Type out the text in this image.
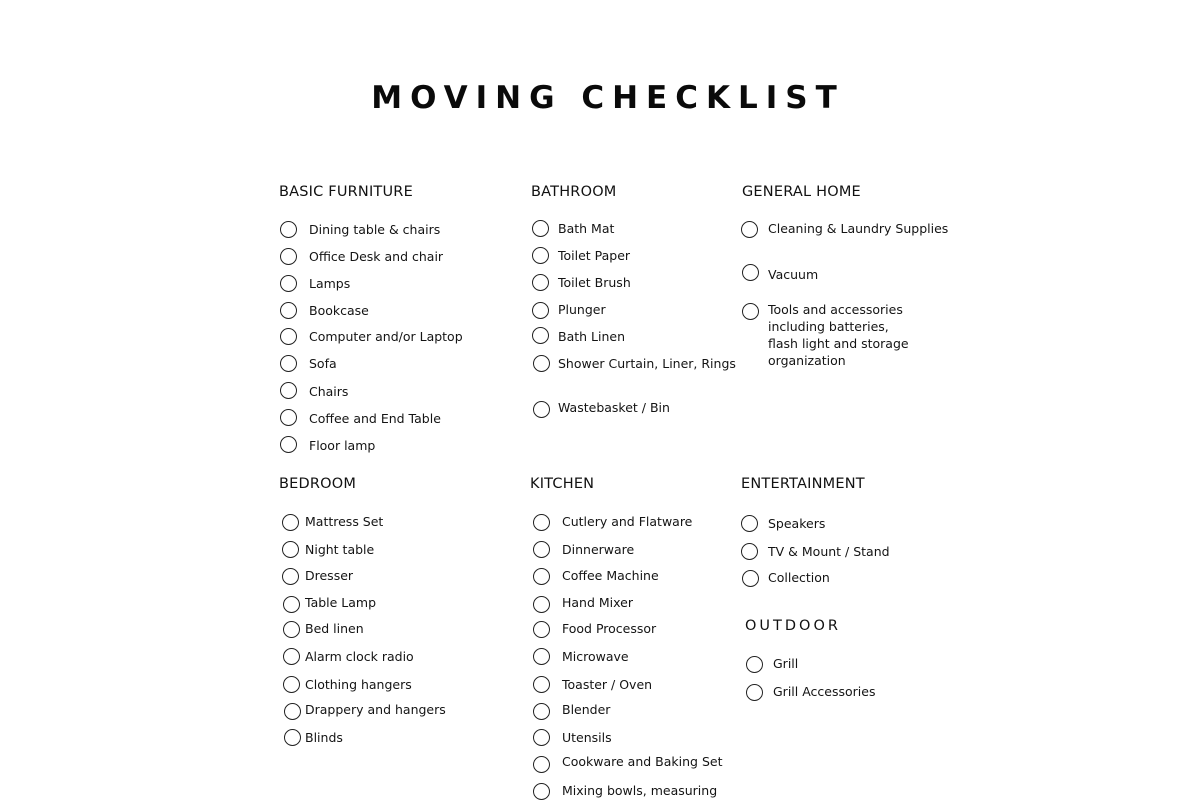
MOVING CHECKLIST
BASIC FURNITURE
Dining table & chairs
Office Desk and chair
Lamps
Bookcase
Computer and/or Laptop
Sofa
Chairs
Coffee and End Table
Floor lamp
BATHROOM
Bath Mat
Toilet Paper
Toilet Brush
Plunger
Bath Linen
Shower Curtain, Liner, Rings
Wastebasket / Bin
GENERAL HOME
Cleaning & Laundry Supplies
Vacuum
Tools and accessories including batteries, flash light and storage organization
BEDROOM
Mattress Set
Night table
Dresser
Table Lamp
Bed linen
Alarm clock radio
Clothing hangers
Drappery and hangers
Blinds
KITCHEN
Cutlery and Flatware
Dinnerware
Coffee Machine
Hand Mixer
Food Processor
Microwave
Toaster / Oven
Blender
Utensils
Cookware and Baking Set
Mixing bowls, measuring
ENTERTAINMENT
Speakers
TV & Mount / Stand
Collection
OUTDOOR
Grill
Grill Accessories
